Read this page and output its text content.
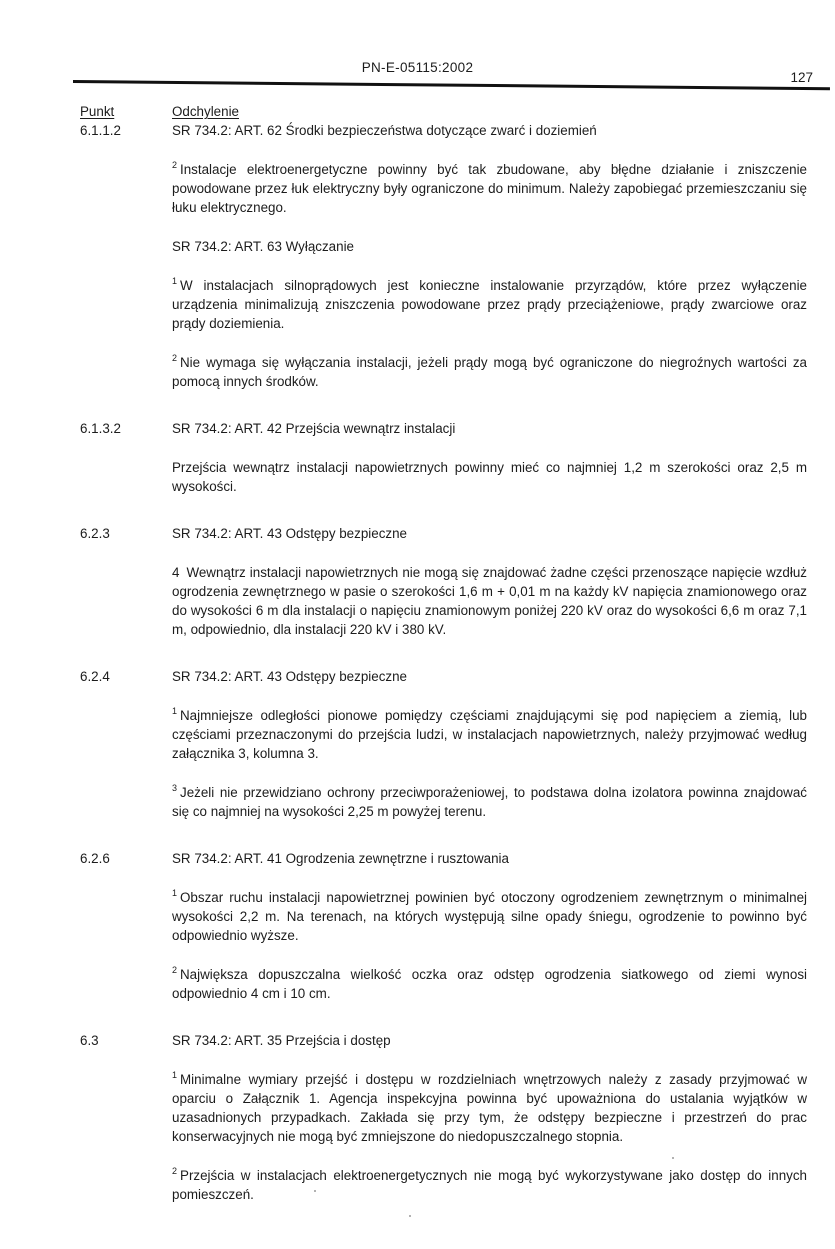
PN-E-05115:2002
127
Punkt	Odchylenie
6.1.1.2	SR 734.2: ART. 62 Środki bezpieczeństwa dotyczące zwarć i doziemień

$^2$ Instalacje elektroenergetyczne powinny być tak zbudowane, aby błędne działanie i zniszczenie powodowane przez łuk elektryczny były ograniczone do minimum. Należy zapobiegać przemieszczaniu się łuku elektrycznego.

SR 734.2: ART. 63 Wyłączanie

$^1$ W instalacjach silnoprądowych jest konieczne instalowanie przyrządów, które przez wyłączenie urządzenia minimalizują zniszczenia powodowane przez prądy przeciążeniowe, prądy zwarciowe oraz prądy doziemienia.

$^2$ Nie wymaga się wyłączania instalacji, jeżeli prądy mogą być ograniczone do niegroźnych wartości za pomocą innych środków.

6.1.3.2	SR 734.2: ART. 42 Przejścia wewnątrz instalacji

Przejścia wewnątrz instalacji napowietrznych powinny mieć co najmniej 1,2 m szerokości oraz 2,5 m wysokości.

6.2.3	SR 734.2: ART. 43 Odstępy bezpieczne

4 Wewnątrz instalacji napowietrznych nie mogą się znajdować żadne części przenoszące napięcie wzdłuż ogrodzenia zewnętrznego w pasie o szerokości 1,6 m + 0,01 m na każdy kV napięcia znamionowego oraz do wysokości 6 m dla instalacji o napięciu znamionowym poniżej 220 kV oraz do wysokości 6,6 m oraz 7,1 m, odpowiednio, dla instalacji 220 kV i 380 kV.

6.2.4	SR 734.2: ART. 43 Odstępy bezpieczne

$^1$ Najmniejsze odległości pionowe pomiędzy częściami znajdującymi się pod napięciem a ziemią, lub częściami przeznaczonymi do przejścia ludzi, w instalacjach napowietrznych, należy przyjmować według załącznika 3, kolumna 3.

$^3$ Jeżeli nie przewidziano ochrony przeciwporażeniowej, to podstawa dolna izolatora powinna znajdować się co najmniej na wysokości 2,25 m powyżej terenu.

6.2.6	SR 734.2: ART. 41 Ogrodzenia zewnętrzne i rusztowania

$^1$ Obszar ruchu instalacji napowietrznej powinien być otoczony ogrodzeniem zewnętrznym o minimalnej wysokości 2,2 m. Na terenach, na których występują silne opady śniegu, ogrodzenie to powinno być odpowiednio wyższe.

$^2$ Największa dopuszczalna wielkość oczka oraz odstęp ogrodzenia siatkowego od ziemi wynosi odpowiednio 4 cm i 10 cm.

6.3	SR 734.2: ART. 35 Przejścia i dostęp

$^1$ Minimalne wymiary przejść i dostępu w rozdzielniach wnętrzowych należy z zasady przyjmować w oparciu o Załącznik 1. Agencja inspekcyjna powinna być upoważniona do ustalania wyjątków w uzasadnionych przypadkach. Zakłada się przy tym, że odstępy bezpieczne i przestrzeń do prac konserwacyjnych nie mogą być zmniejszone do niedopuszczalnego stopnia.

$^2$ Przejścia w instalacjach elektroenergetycznych nie mogą być wykorzystywane jako dostęp do innych pomieszczeń.
